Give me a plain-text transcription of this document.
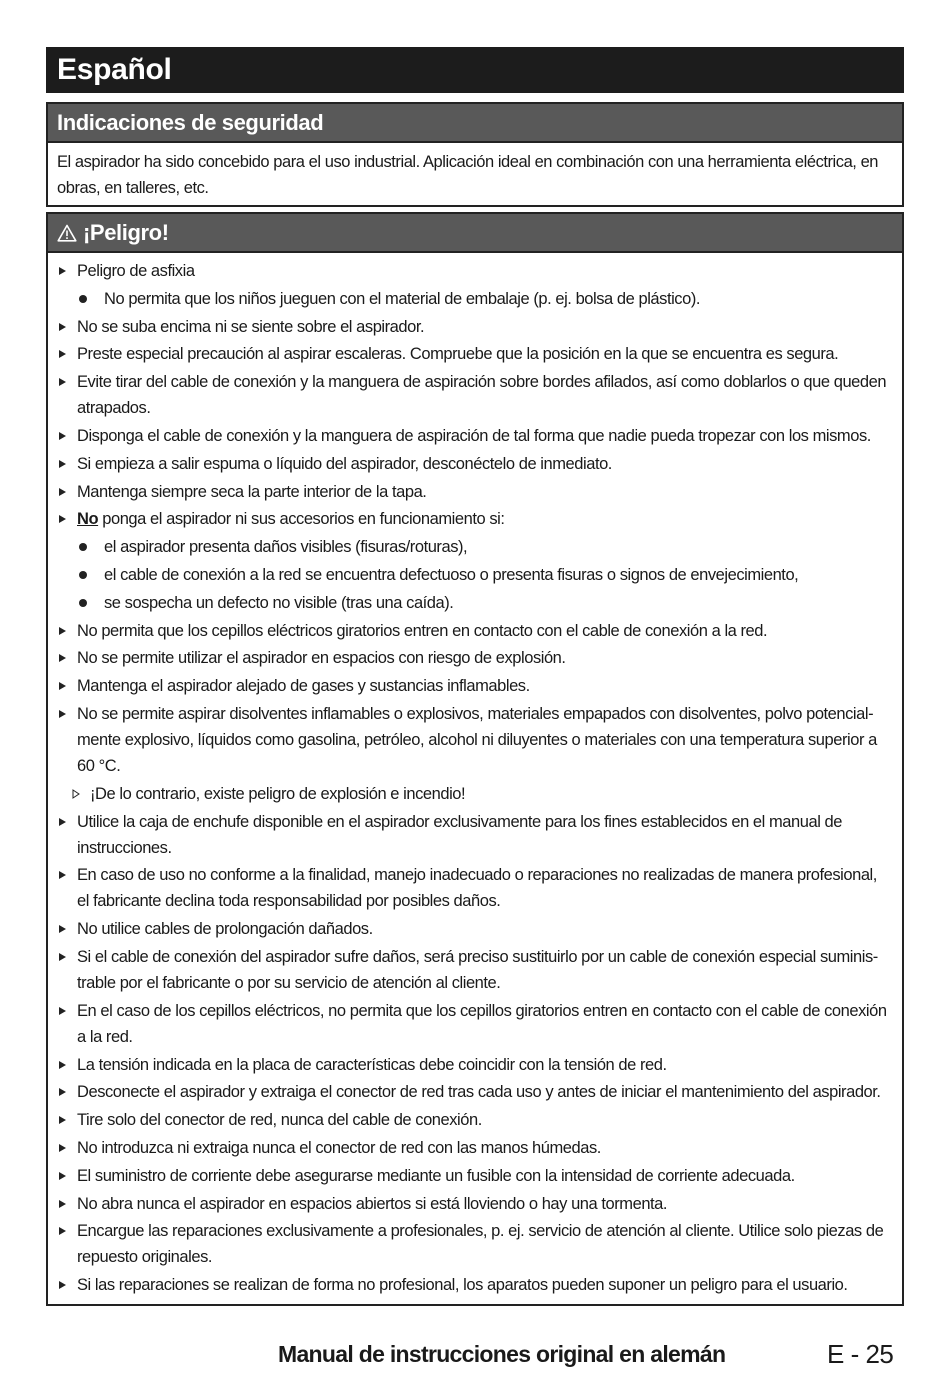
Español
Indicaciones de seguridad
El aspirador ha sido concebido para el uso industrial. Aplicación ideal en combinación con una herramienta eléctrica, en obras, en talleres, etc.
¡Peligro!
Peligro de asfixia
No permita que los niños jueguen con el material de embalaje (p. ej. bolsa de plástico).
No se suba encima ni se siente sobre el aspirador.
Preste especial precaución al aspirar escaleras. Compruebe que la posición en la que se encuentra es segura.
Evite tirar del cable de conexión y la manguera de aspiración sobre bordes afilados, así como doblarlos o que queden atrapados.
Disponga el cable de conexión y la manguera de aspiración de tal forma que nadie pueda tropezar con los mismos.
Si empieza a salir espuma o líquido del aspirador, desconéctelo de inmediato.
Mantenga siempre seca la parte interior de la tapa.
No ponga el aspirador ni sus accesorios en funcionamiento si:
el aspirador presenta daños visibles (fisuras/roturas),
el cable de conexión a la red se encuentra defectuoso o presenta fisuras o signos de envejecimiento,
se sospecha un defecto no visible (tras una caída).
No permita que los cepillos eléctricos giratorios entren en contacto con el cable de conexión a la red.
No se permite utilizar el aspirador en espacios con riesgo de explosión.
Mantenga el aspirador alejado de gases y sustancias inflamables.
No se permite aspirar disolventes inflamables o explosivos, materiales empapados con disolventes, polvo potencial-mente explosivo, líquidos como gasolina, petróleo, alcohol ni diluyentes o materiales con una temperatura superior a 60 °C.
¡De lo contrario, existe peligro de explosión e incendio!
Utilice la caja de enchufe disponible en el aspirador exclusivamente para los fines establecidos en el manual de instrucciones.
En caso de uso no conforme a la finalidad, manejo inadecuado o reparaciones no realizadas de manera profesional, el fabricante declina toda responsabilidad por posibles daños.
No utilice cables de prolongación dañados.
Si el cable de conexión del aspirador sufre daños, será preciso sustituirlo por un cable de conexión especial suminis-trable por el fabricante o por su servicio de atención al cliente.
En el caso de los cepillos eléctricos, no permita que los cepillos giratorios entren en contacto con el cable de conexión a la red.
La tensión indicada en la placa de características debe coincidir con la tensión de red.
Desconecte el aspirador y extraiga el conector de red tras cada uso y antes de iniciar el mantenimiento del aspirador.
Tire solo del conector de red, nunca del cable de conexión.
No introduzca ni extraiga nunca el conector de red con las manos húmedas.
El suministro de corriente debe asegurarse mediante un fusible con la intensidad de corriente adecuada.
No abra nunca el aspirador en espacios abiertos si está lloviendo o hay una tormenta.
Encargue las reparaciones exclusivamente a profesionales, p. ej. servicio de atención al cliente. Utilice solo piezas de repuesto originales.
Si las reparaciones se realizan de forma no profesional, los aparatos pueden suponer un peligro para el usuario.
Manual de instrucciones original en alemán	E - 25
